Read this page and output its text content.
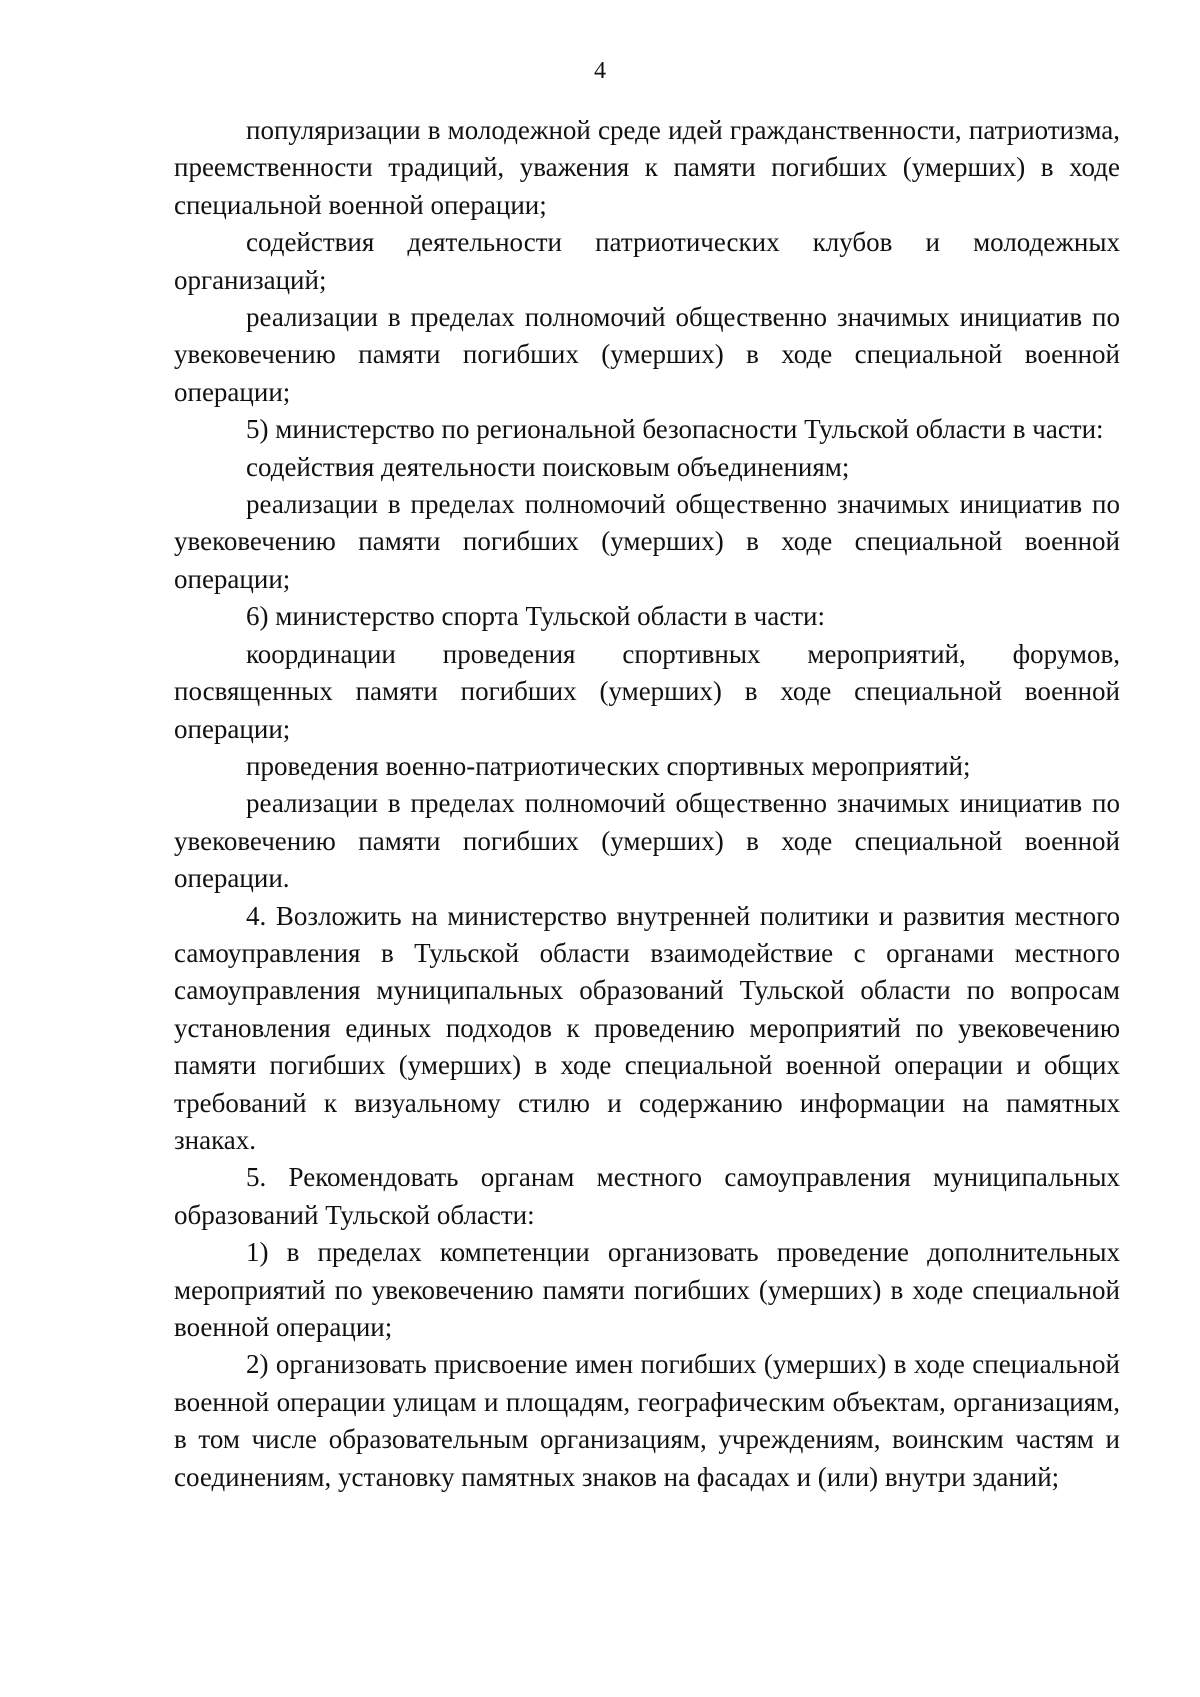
4

популяризации в молодежной среде идей гражданственности, патриотизма, преемственности традиций, уважения к памяти погибших (умерших) в ходе специальной военной операции;

содействия деятельности патриотических клубов и молодежных организаций;

реализации в пределах полномочий общественно значимых инициатив по увековечению памяти погибших (умерших) в ходе специальной военной операции;

5) министерство по региональной безопасности Тульской области в части:

содействия деятельности поисковым объединениям;

реализации в пределах полномочий общественно значимых инициатив по увековечению памяти погибших (умерших) в ходе специальной военной операции;

6) министерство спорта Тульской области в части:

координации проведения спортивных мероприятий, форумов, посвященных памяти погибших (умерших) в ходе специальной военной операции;

проведения военно-патриотических спортивных мероприятий;

реализации в пределах полномочий общественно значимых инициатив по увековечению памяти погибших (умерших) в ходе специальной военной операции.

4. Возложить на министерство внутренней политики и развития местного самоуправления в Тульской области взаимодействие с органами местного самоуправления муниципальных образований Тульской области по вопросам установления единых подходов к проведению мероприятий по увековечению памяти погибших (умерших) в ходе специальной военной операции и общих требований к визуальному стилю и содержанию информации на памятных знаках.

5. Рекомендовать органам местного самоуправления муниципальных образований Тульской области:

1) в пределах компетенции организовать проведение дополнительных мероприятий по увековечению памяти погибших (умерших) в ходе специальной военной операции;

2) организовать присвоение имен погибших (умерших) в ходе специальной военной операции улицам и площадям, географическим объектам, организациям, в том числе образовательным организациям, учреждениям, воинским частям и соединениям, установку памятных знаков на фасадах и (или) внутри зданий;
